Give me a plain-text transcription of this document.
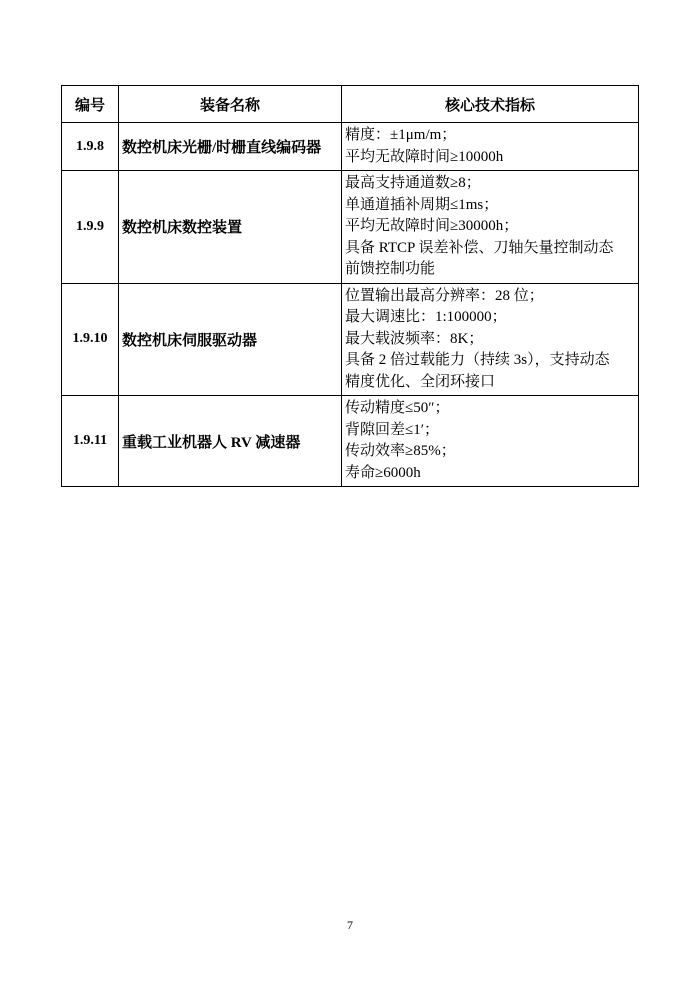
编号	装备名称	核心技术指标
1.9.8	数控机床光栅/时栅直线编码器	精度：±1μm/m；
平均无故障时间≥10000h

1.9.9	数控机床数控装置	最高支持通道数≥8；
单通道插补周期≤1ms；
平均无故障时间≥30000h；
具备 RTCP 误差补偿、刀轴矢量控制动态
前馈控制功能

1.9.10	数控机床伺服驱动器	位置输出最高分辨率：28 位；
最大调速比：1:100000；
最大载波频率：8K；
具备 2 倍过载能力（持续 3s），支持动态
精度优化、全闭环接口

1.9.11	重载工业机器人 RV 减速器	传动精度≤50″；
背隙回差≤1′；
传动效率≥85%；
寿命≥6000h
7
